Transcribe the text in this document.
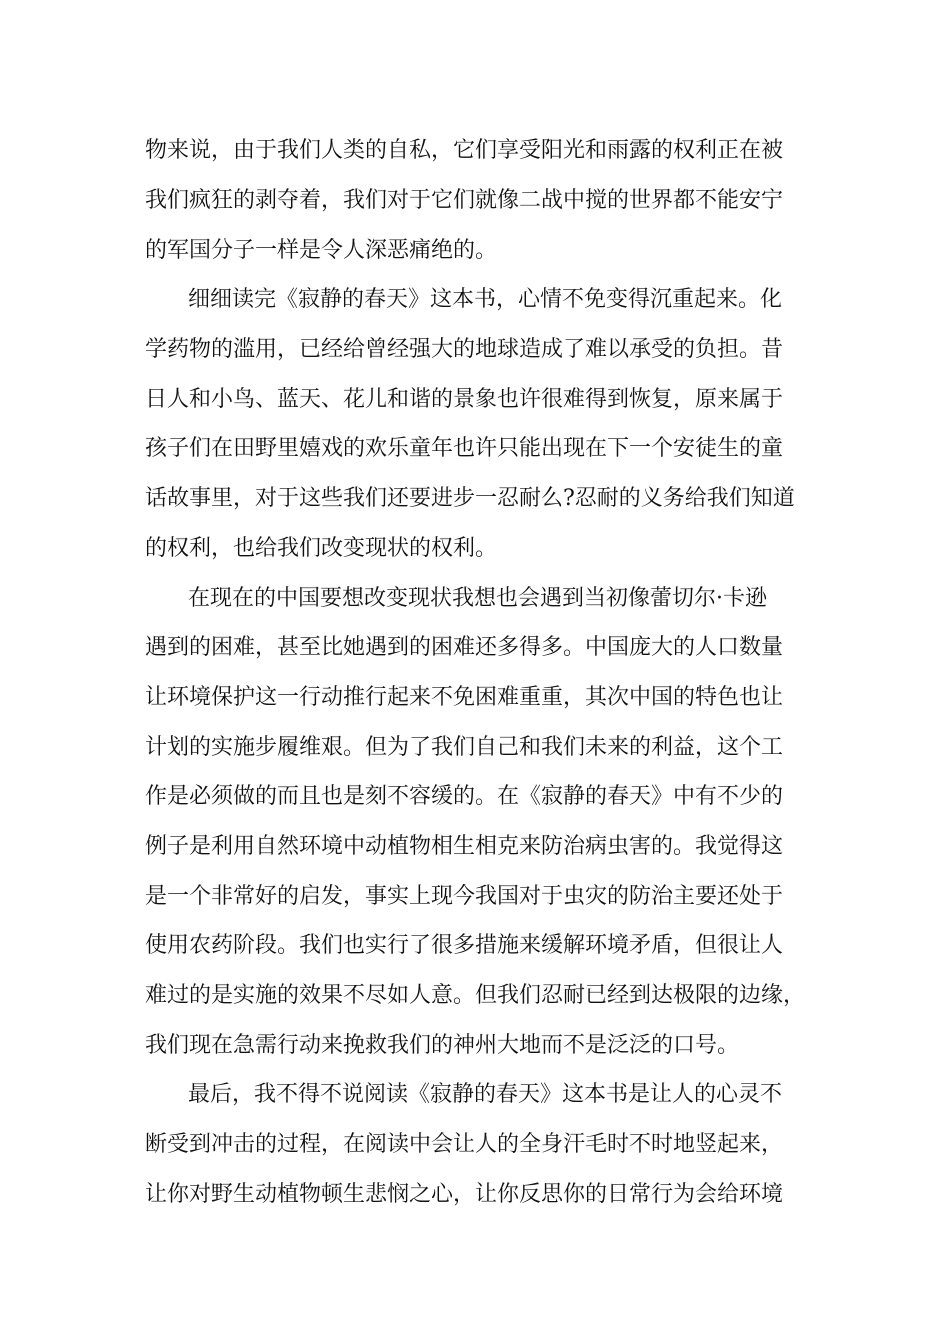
物来说，由于我们人类的自私，它们享受阳光和雨露的权利正在被

我们疯狂的剥夺着，我们对于它们就像二战中搅的世界都不能安宁

的军国分子一样是令人深恶痛绝的。

细细读完《寂静的春天》这本书，心情不免变得沉重起来。化

学药物的滥用，已经给曾经强大的地球造成了难以承受的负担。昔

日人和小鸟、蓝天、花儿和谐的景象也许很难得到恢复，原来属于

孩子们在田野里嬉戏的欢乐童年也许只能出现在下一个安徒生的童

话故事里，对于这些我们还要进步一忍耐么?忍耐的义务给我们知道

的权利，也给我们改变现状的权利。

在现在的中国要想改变现状我想也会遇到当初像蕾切尔·卡逊

遇到的困难，甚至比她遇到的困难还多得多。中国庞大的人口数量

让环境保护这一行动推行起来不免困难重重，其次中国的特色也让

计划的实施步履维艰。但为了我们自己和我们未来的利益，这个工

作是必须做的而且也是刻不容缓的。在《寂静的春天》中有不少的

例子是利用自然环境中动植物相生相克来防治病虫害的。我觉得这

是一个非常好的启发，事实上现今我国对于虫灾的防治主要还处于

使用农药阶段。我们也实行了很多措施来缓解环境矛盾，但很让人

难过的是实施的效果不尽如人意。但我们忍耐已经到达极限的边缘，

我们现在急需行动来挽救我们的神州大地而不是泛泛的口号。

最后，我不得不说阅读《寂静的春天》这本书是让人的心灵不

断受到冲击的过程，在阅读中会让人的全身汗毛时不时地竖起来，

让你对野生动植物顿生悲悯之心，让你反思你的日常行为会给环境
